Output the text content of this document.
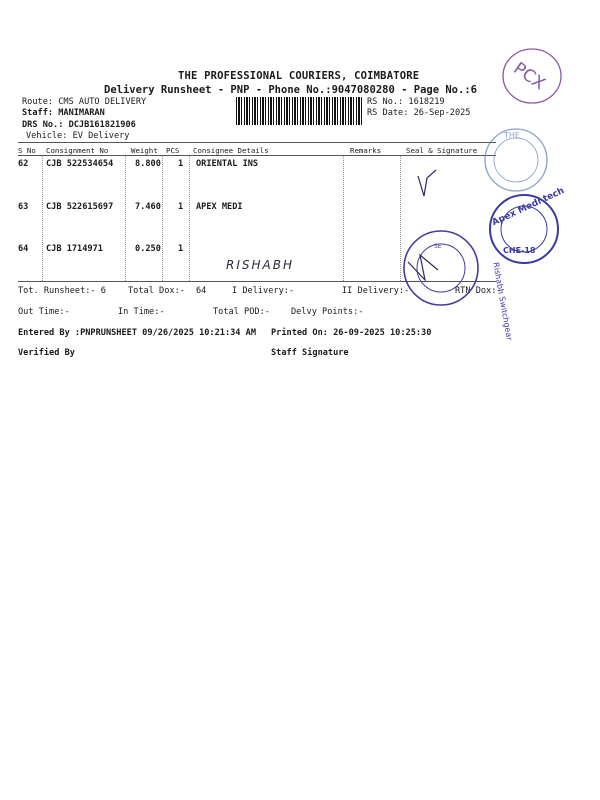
THE PROFESSIONAL COURIERS, COIMBATORE
Delivery Runsheet - PNP - Phone No.:9047080280 - Page No.:6
Route: CMS AUTO DELIVERY
Staff: MANIMARAN
DRS No.: DCJB161821906
Vehicle: EV Delivery
RS No.: 1618219
RS Date: 26-Sep-2025
S No Consignment No	Weight PCS Consignee Details	Remarks	Seal & Signature
62 CJB 522534654	8.800 1 ORIENTAL INS
63 CJB 522615697	7.460 1 APEX MEDI
64 CJB 1714971	0.250 1
RISHABH
Tot. Runsheet:- 6	Total Dox:- 64	I Delivery:-	II Delivery:-	RTN Dox:-
Out Time:-	In Time:-	Total POD:- Delvy Points:-
Entered By :PNPRUNSHEET 09/26/2025 10:21:34 AM Printed On: 26-09-2025 10:25:30
Verified By	Staff Signature
PCX
THE
Apex Medi tech
CHE-18
SE
Rishabh Switchgear
